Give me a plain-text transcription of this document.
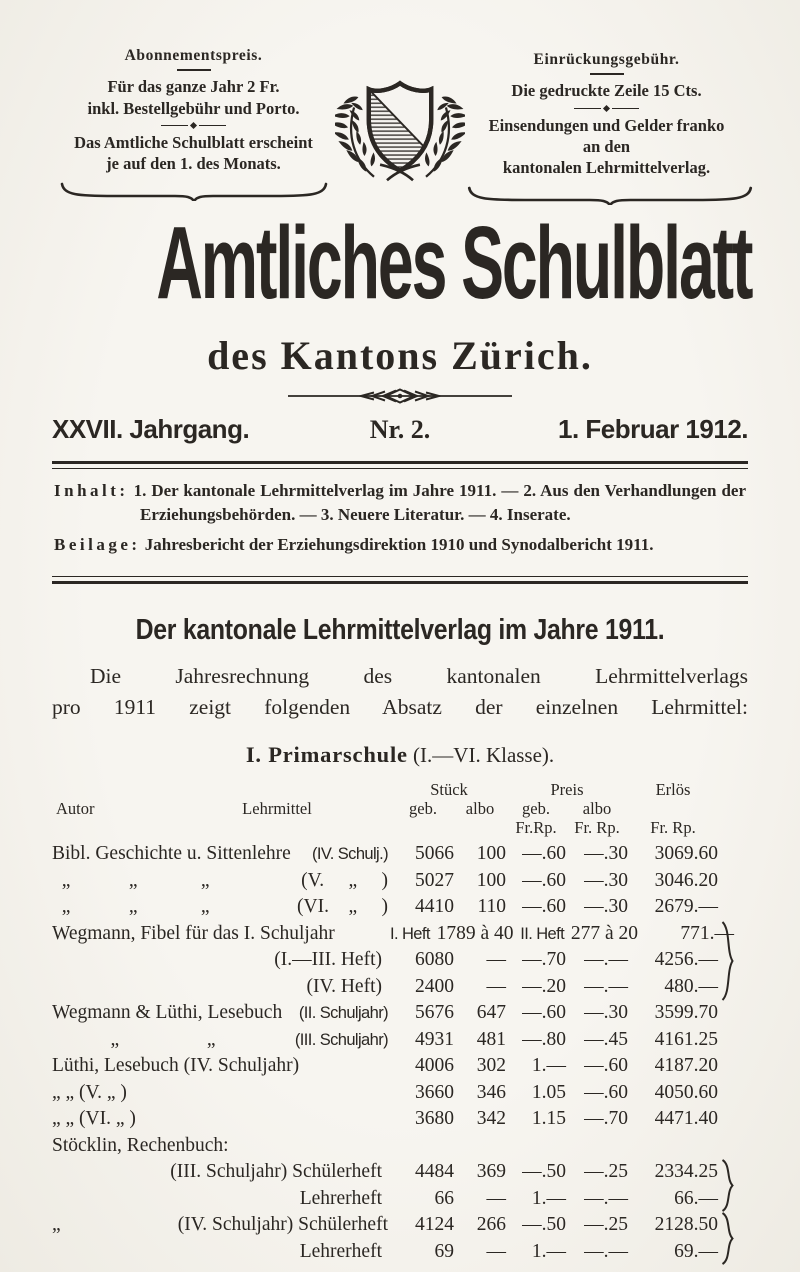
Abonnementspreis.
Für das ganze Jahr 2 Fr.
inkl. Bestellgebühr und Porto.
Das Amtliche Schulblatt erscheint
je auf den 1. des Monats.
Einrückungsgebühr.
Die gedruckte Zeile 15 Cts.
Einsendungen und Gelder franko
an den
kantonalen Lehrmittelverlag.
Amtliches Schulblatt
des Kantons Zürich.
XXVII. Jahrgang.	Nr. 2.	1. Februar 1912.

Inhalt: 1. Der kantonale Lehrmittelverlag im Jahre 1911. — 2. Aus den Verhandlungen der Erziehungsbehörden. — 3. Neuere Literatur. — 4. Inserate.

Beilage: Jahresbericht der Erziehungsdirektion 1910 und Synodalbericht 1911.

Der kantonale Lehrmittelverlag im Jahre 1911.

Die Jahresrechnung des kantonalen Lehrmittelverlags
pro 1911 zeigt folgenden Absatz der einzelnen Lehrmittel:

I. Primarschule (I.—VI. Klasse).

Stück	Preis	Erlös
Autor	Lehrmittel	geb.	albo	geb.	albo
Fr.Rp.	Fr. Rp.	Fr. Rp.
Bibl. Geschichte u. Sittenlehre (IV. Schulj.)	5066	100 —.60 —.30	3069.60
„            „             „	(V.     „     )	5027	100 —.60 —.30	3046.20
„            „             „	(VI.    „     )	4410	110 —.60 —.30	2679.—
Wegmann, Fibel für das I. Schuljahr	I. Heft 1789 à 40 II. Heft 277 à 20	771.—
(I.—III. Heft)	6080	— —.70 —.—	4256.—
(IV. Heft)	2400	— —.20 —.—	480.—
Wegmann & Lüthi, Lesebuch (II. Schuljahr)	5676	647 —.60 —.30	3599.70
„                  „	(III. Schuljahr)	4931	481 —.80 —.45	4161.25
Lüthi, Lesebuch (IV. Schuljahr)	4006	302	1.— —.60	4187.20
„ „ (V. „ )	3660	346	1.05 —.60	4050.60
„ „ (VI. „ )	3680	342	1.15 —.70	4471.40
Stöcklin, Rechenbuch:
(III. Schuljahr) Schülerheft	4484	369 —.50 —.25	2334.25
Lehrerheft	66	—	1.— —.—	66.—
„	(IV. Schuljahr) Schülerheft	4124	266 —.50 —.25	2128.50
Lehrerheft	69	—	1.— —.—	69.—
